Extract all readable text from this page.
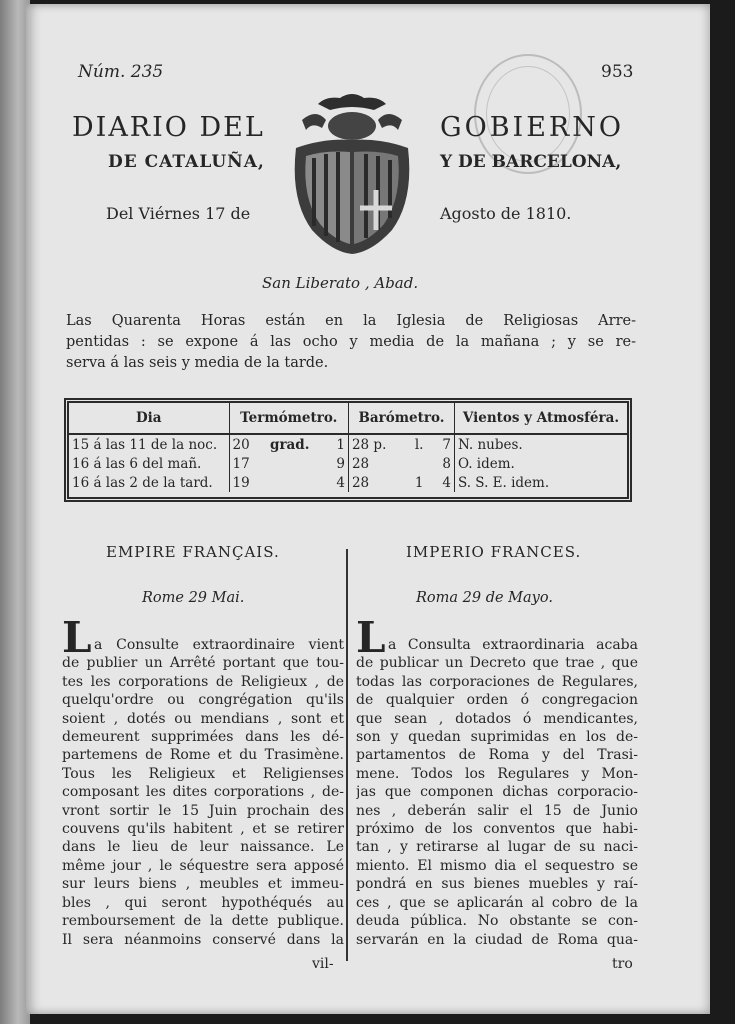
Núm. 235	953
DIARIO DEL	GOBIERNO
DE CATALUÑA,	Y DE BARCELONA,
Del Viérnes 17 de	Agosto de 1810.
San Liberato , Abad.
Las Quarenta Horas están en la Iglesia de Religiosas Arre-
pentidas : se expone á las ocho y media de la mañana ; y se re-
serva á las seis y media de la tarde.
Dia	Termómetro.			Barómetro.			Vientos y Atmosféra.
15 á las 11 de la noc.	20	grad.	1	28 p.	l.	7	N. nubes.
16 á las 6 del mañ.	17		9	28		8	O. idem.
16 á las 2 de la tard.	19		4	28	1	4	S. S. E. idem.
EMPIRE FRANÇAIS.
Rome 29 Mai.
IMPERIO FRANCES.
Roma 29 de Mayo.
L a Consulte extraordinaire vient
de publier un Arrêté portant que tou-
tes les corporations de Religieux , de
quelqu'ordre ou congrégation qu'ils
soient , dotés ou mendians , sont et
demeurent supprimées dans les dé-
partemens de Rome et du Trasimène.
Tous les Religieux et Religienses
composant les dites corporations , de-
vront sortir le 15 Juin prochain des
couvens qu'ils habitent , et se retirer
dans le lieu de leur naissance. Le
même jour , le séquestre sera apposé
sur leurs biens , meubles et immeu-
bles , qui seront hypothéqués au
remboursement de la dette publique.
Il sera néanmoins conservé dans la
vil-
L a Consulta extraordinaria acaba
de publicar un Decreto que trae , que
todas las corporaciones de Regulares,
de qualquier orden ó congregacion
que sean , dotados ó mendicantes,
son y quedan suprimidas en los de-
partamentos de Roma y del Trasi-
mene. Todos los Regulares y Mon-
jas que componen dichas corporacio-
nes , deberán salir el 15 de Junio
próximo de los conventos que habi-
tan , y retirarse al lugar de su naci-
miento. El mismo dia el sequestro se
pondrá en sus bienes muebles y raí-
ces , que se aplicarán al cobro de la
deuda pública. No obstante se con-
servarán en la ciudad de Roma qua-
tro
